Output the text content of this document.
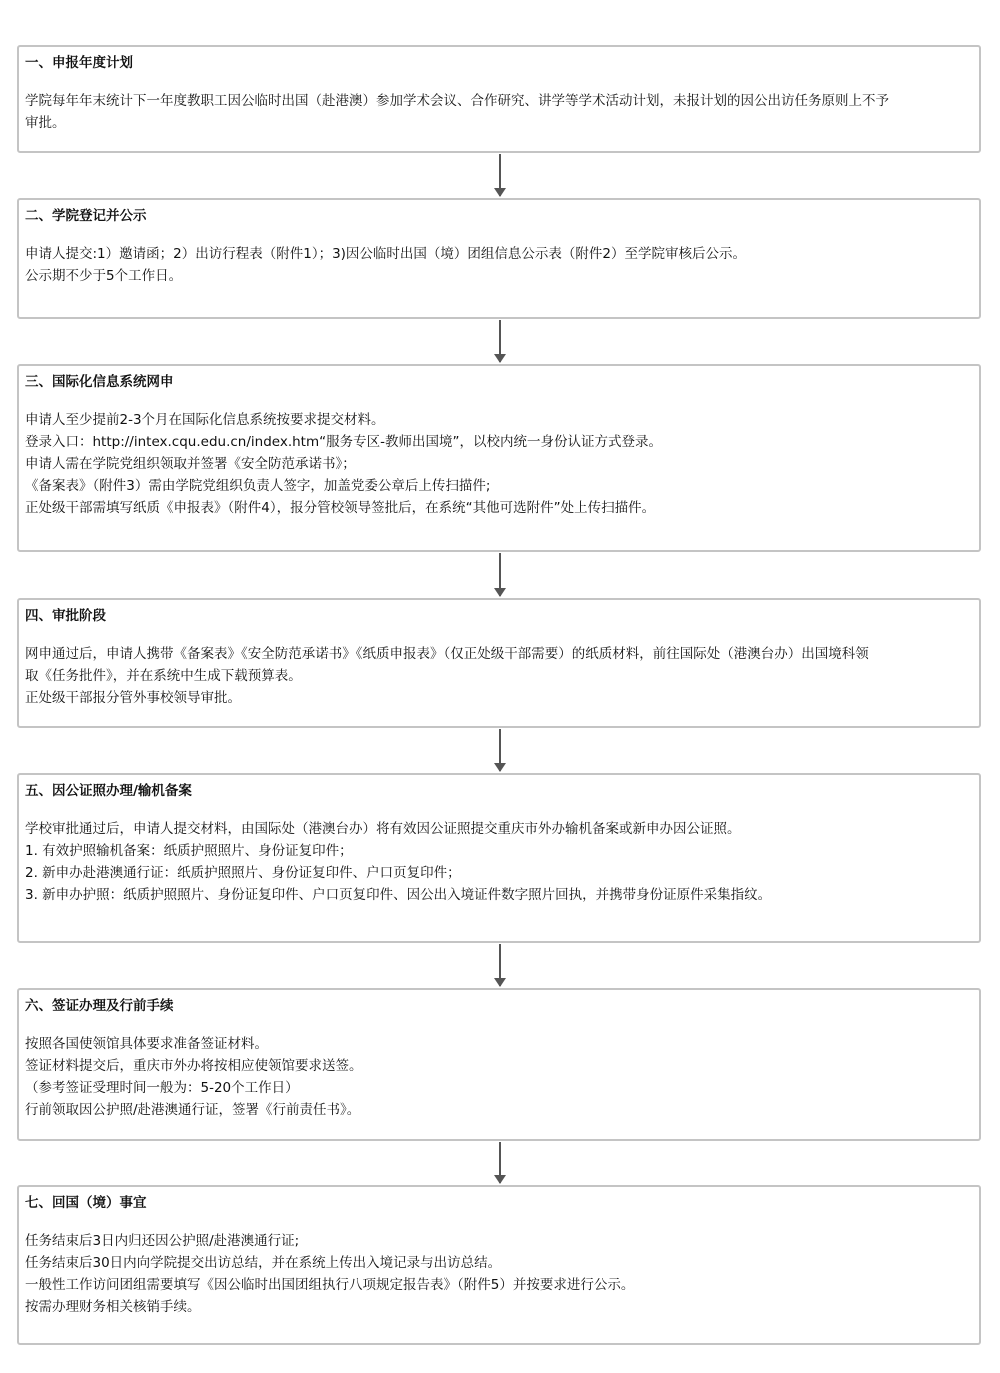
一、申报年度计划
学院每年年末统计下一年度教职工因公临时出国（赴港澳）参加学术会议、合作研究、讲学等学术活动计划，未报计划的因公出访任务原则上不予
审批。
二、学院登记并公示
申请人提交:1）邀请函；2）出访行程表（附件1）；3)因公临时出国（境）团组信息公示表（附件2）至学院审核后公示。
公示期不少于5个工作日。
三、国际化信息系统网申
申请人至少提前2-3个月在国际化信息系统按要求提交材料。
登录入口：http://intex.cqu.edu.cn/index.htm“服务专区-教师出国境”，以校内统一身份认证方式登录。
申请人需在学院党组织领取并签署《安全防范承诺书》；
《备案表》（附件3）需由学院党组织负责人签字，加盖党委公章后上传扫描件;
正处级干部需填写纸质《申报表》（附件4），报分管校领导签批后，在系统“其他可选附件”处上传扫描件。
四、审批阶段
网申通过后，申请人携带《备案表》《安全防范承诺书》《纸质申报表》（仅正处级干部需要）的纸质材料，前往国际处（港澳台办）出国境科领
取《任务批件》，并在系统中生成下载预算表。
正处级干部报分管外事校领导审批。
五、因公证照办理/输机备案
学校审批通过后，申请人提交材料，由国际处（港澳台办）将有效因公证照提交重庆市外办输机备案或新申办因公证照。
1. 有效护照输机备案：纸质护照照片、身份证复印件；
2. 新申办赴港澳通行证：纸质护照照片、身份证复印件、户口页复印件；
3. 新申办护照：纸质护照照片、身份证复印件、户口页复印件、因公出入境证件数字照片回执，并携带身份证原件采集指纹。
六、签证办理及行前手续
按照各国使领馆具体要求准备签证材料。
签证材料提交后，重庆市外办将按相应使领馆要求送签。
（参考签证受理时间一般为：5-20个工作日）
行前领取因公护照/赴港澳通行证，签署《行前责任书》。
七、回国（境）事宜
任务结束后3日内归还因公护照/赴港澳通行证;
任务结束后30日内向学院提交出访总结，并在系统上传出入境记录与出访总结。
一般性工作访问团组需要填写《因公临时出国团组执行八项规定报告表》（附件5）并按要求进行公示。
按需办理财务相关核销手续。
